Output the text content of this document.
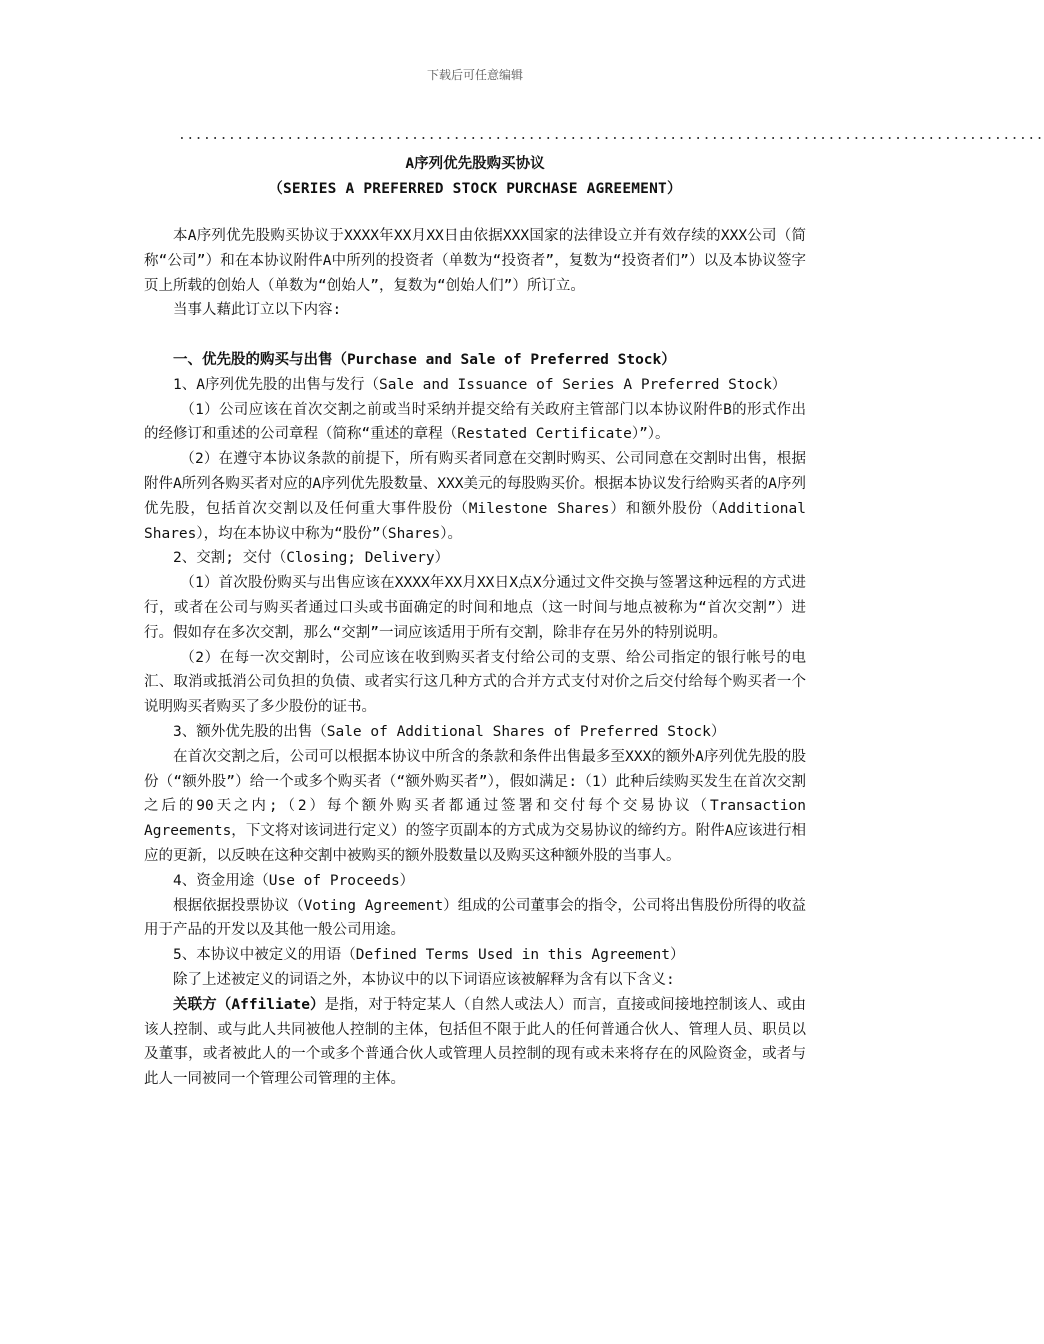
下载后可任意编辑
........................................................................................................
A序列优先股购买协议
（SERIES A PREFERRED STOCK PURCHASE AGREEMENT）

本A序列优先股购买协议于XXXX年XX月XX日由依据XXX国家的法律设立并有效存续的XXX公司（简称“公司”）和在本协议附件A中所列的投资者（单数为“投资者”，复数为“投资者们”）以及本协议签字页上所载的创始人（单数为“创始人”，复数为“创始人们”）所订立。

当事人藉此订立以下内容:

一、优先股的购买与出售（Purchase and Sale of Preferred Stock）

1、A序列优先股的出售与发行（Sale and Issuance of Series A Preferred Stock）

（1）公司应该在首次交割之前或当时采纳并提交给有关政府主管部门以本协议附件B的形式作出的经修订和重述的公司章程（简称“重述的章程（Restated Certificate）”）。

（2）在遵守本协议条款的前提下，所有购买者同意在交割时购买、公司同意在交割时出售，根据附件A所列各购买者对应的A序列优先股数量、XXX美元的每股购买价。根据本协议发行给购买者的A序列优先股，包括首次交割以及任何重大事件股份（Milestone Shares）和额外股份（Additional Shares），均在本协议中称为“股份”（Shares）。

2、交割; 交付（Closing; Delivery）

（1）首次股份购买与出售应该在XXXX年XX月XX日X点X分通过文件交换与签署这种远程的方式进行，或者在公司与购买者通过口头或书面确定的时间和地点（这一时间与地点被称为“首次交割”）进行。假如存在多次交割，那么“交割”一词应该适用于所有交割，除非存在另外的特别说明。

（2）在每一次交割时，公司应该在收到购买者支付给公司的支票、给公司指定的银行帐号的电汇、取消或抵消公司负担的负债、或者实行这几种方式的合并方式支付对价之后交付给每个购买者一个说明购买者购买了多少股份的证书。

3、额外优先股的出售（Sale of Additional Shares of Preferred Stock）

在首次交割之后，公司可以根据本协议中所含的条款和条件出售最多至XXX的额外A序列优先股的股份（“额外股”）给一个或多个购买者（“额外购买者”），假如满足:（1）此种后续购买发生在首次交割之后的90天之内;（2）每个额外购买者都通过签署和交付每个交易协议（Transaction Agreements，下文将对该词进行定义）的签字页副本的方式成为交易协议的缔约方。附件A应该进行相应的更新，以反映在这种交割中被购买的额外股数量以及购买这种额外股的当事人。

4、资金用途（Use of Proceeds）

根据依据投票协议（Voting Agreement）组成的公司董事会的指令，公司将出售股份所得的收益用于产品的开发以及其他一般公司用途。

5、本协议中被定义的用语（Defined Terms Used in this Agreement）

除了上述被定义的词语之外，本协议中的以下词语应该被解释为含有以下含义:

关联方（Affiliate）是指，对于特定某人（自然人或法人）而言，直接或间接地控制该人、或由该人控制、或与此人共同被他人控制的主体，包括但不限于此人的任何普通合伙人、管理人员、职员以及董事，或者被此人的一个或多个普通合伙人或管理人员控制的现有或未来将存在的风险资金，或者与此人一同被同一个管理公司管理的主体。
